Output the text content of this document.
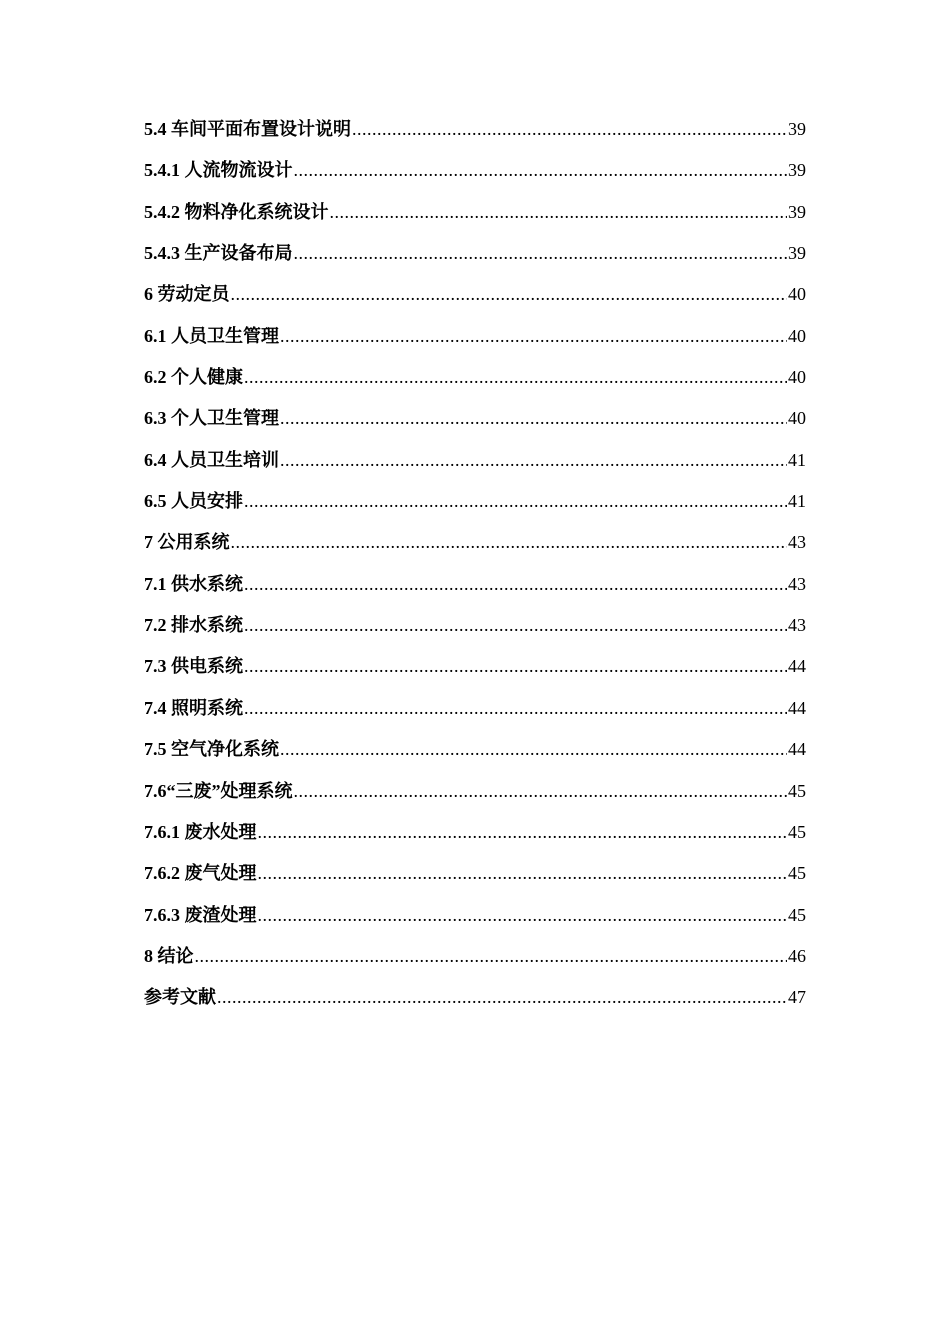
5.4 车间平面布置设计说明 .....	39
5.4.1 人流物流设计 .....	39
5.4.2 物料净化系统设计 .....	39
5.4.3 生产设备布局 .....	39
6 劳动定员 .....	40
6.1 人员卫生管理 .....	40
6.2 个人健康 .....	40
6.3 个人卫生管理 .....	40
6.4 人员卫生培训 .....	41
6.5 人员安排 .....	41
7 公用系统 .....	43
7.1 供水系统 .....	43
7.2 排水系统 .....	43
7.3 供电系统 .....	44
7.4 照明系统 .....	44
7.5 空气净化系统 .....	44
7.6“三废”处理系统 .....	45
7.6.1 废水处理 .....	45
7.6.2 废气处理 .....	45
7.6.3 废渣处理 .....	45
8 结论 .....	46
参考文献 .....	47
